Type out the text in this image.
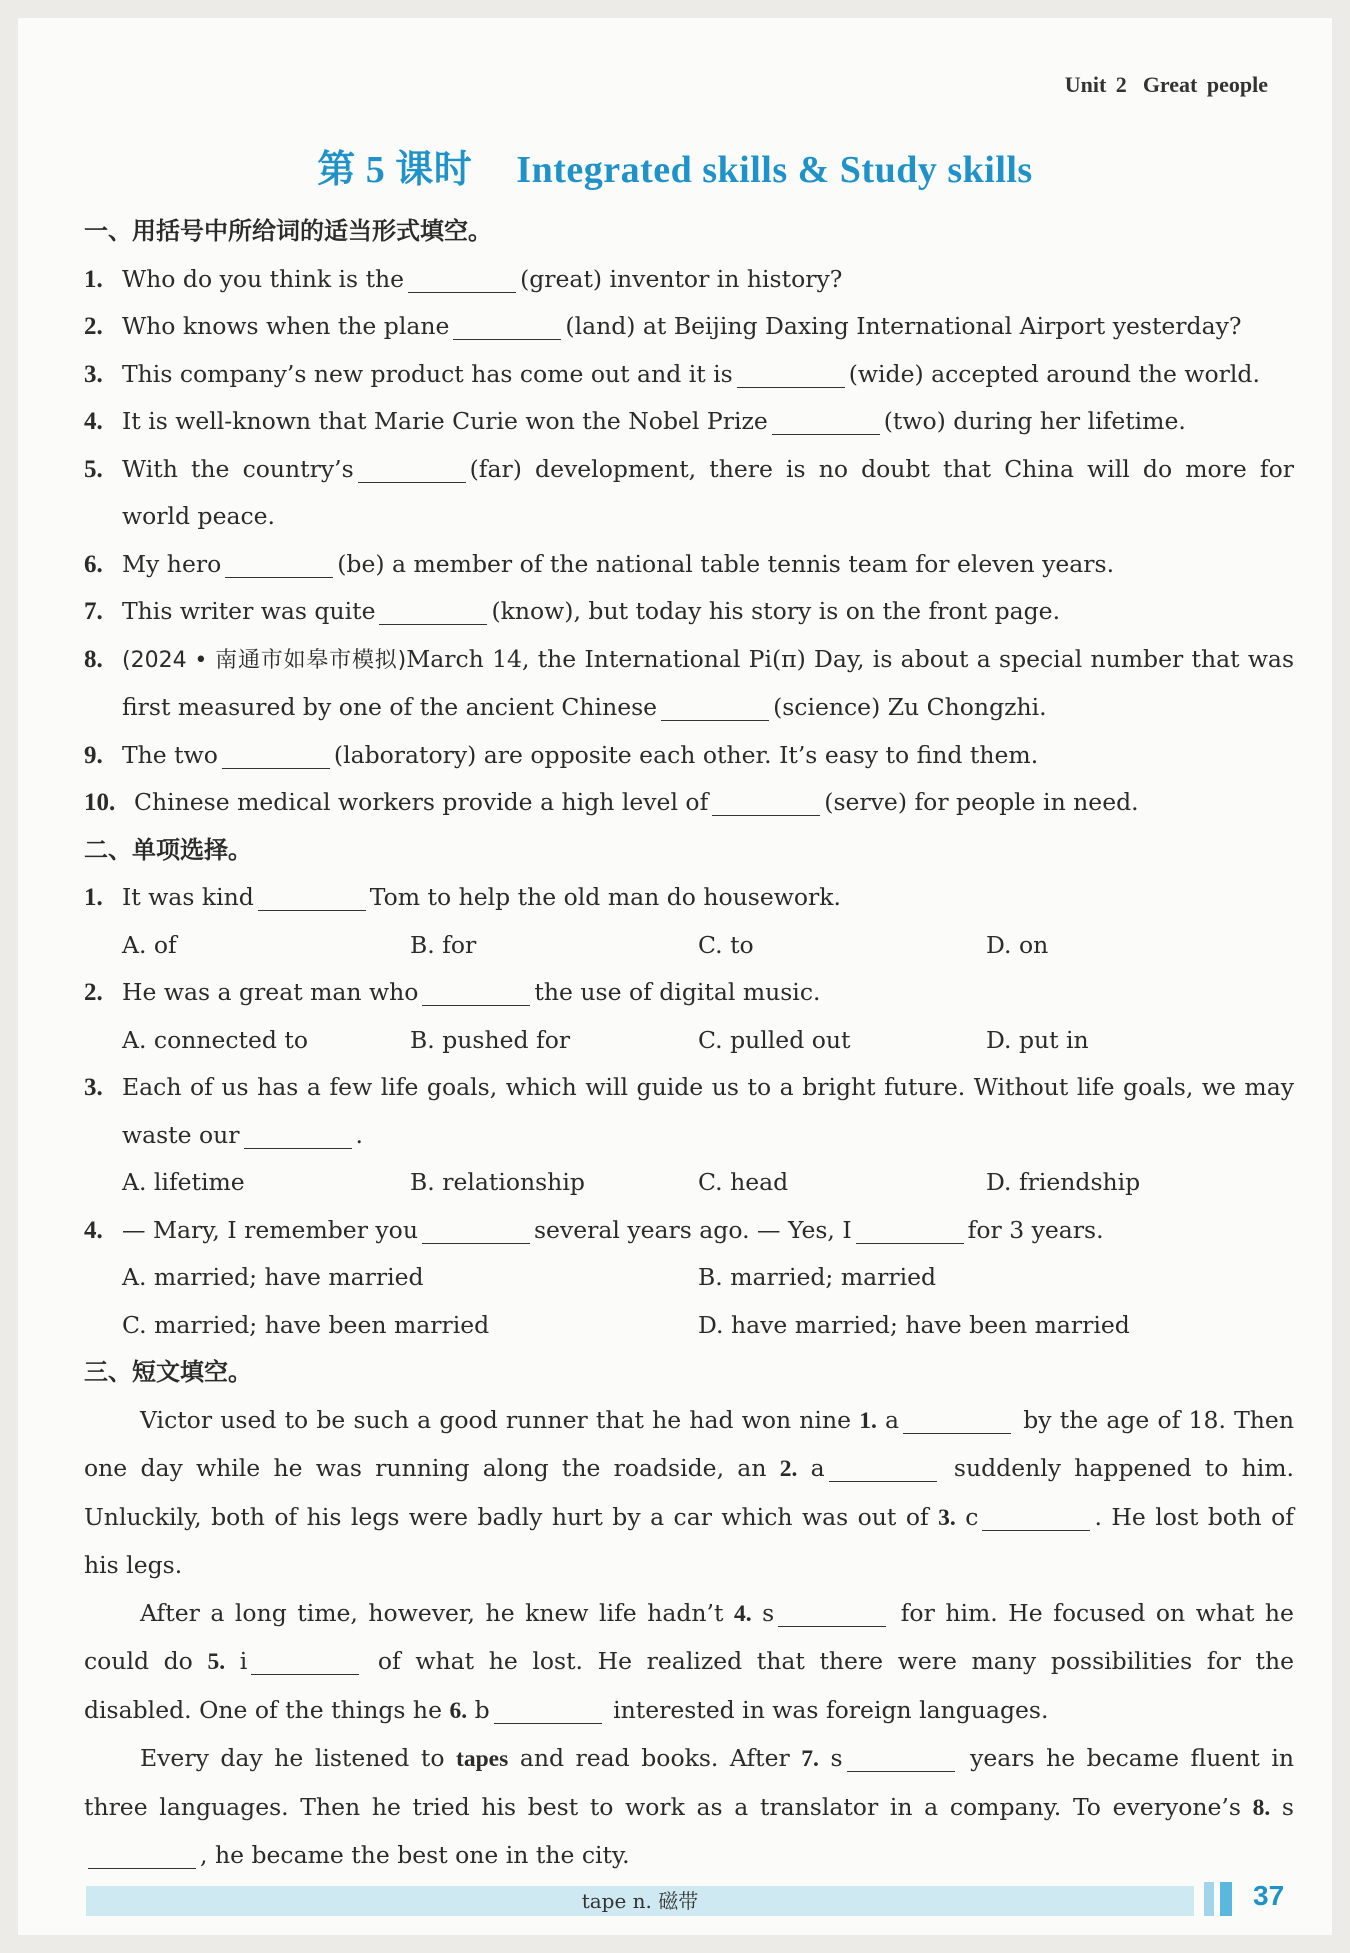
Unit 2 Great people
第 5 课时 Integrated skills & Study skills
一、用括号中所给词的适当形式填空。
1. Who do you think is the	(great) inventor in history?
2. Who knows when the plane	(land) at Beijing Daxing International Airport yesterday?
3. This company’s new product has come out and it is	(wide) accepted around the world.
4. It is well-known that Marie Curie won the Nobel Prize	(two) during her lifetime.
5. With the country’s	(far) development, there is no doubt that China will do more for world peace.
6. My hero	(be) a member of the national table tennis team for eleven years.
7. This writer was quite	(know), but today his story is on the front page.
8. (2024 • 南通市如皋市模拟)March 14, the International Pi(π) Day, is about a special number that was first measured by one of the ancient Chinese	(science) Zu Chongzhi.
9. The two	(laboratory) are opposite each other. It’s easy to find them.
10. Chinese medical workers provide a high level of	(serve) for people in need.
二、单项选择。
1. It was kind	Tom to help the old man do housework.
A. of	B. for	C. to	D. on
2. He was a great man who	the use of digital music.
A. connected to	B. pushed for	C. pulled out	D. put in
3. Each of us has a few life goals, which will guide us to a bright future. Without life goals, we may waste our	.
A. lifetime	B. relationship	C. head	D. friendship
4. — Mary, I remember you	several years ago. — Yes, I	for 3 years.
A. married; have married	B. married; married
C. married; have been married	D. have married; have been married
三、短文填空。
Victor used to be such a good runner that he had won nine 1. a	by the age of 18. Then one day while he was running along the roadside, an 2. a	suddenly happened to him. Unluckily, both of his legs were badly hurt by a car which was out of 3. c	. He lost both of his legs.
After a long time, however, he knew life hadn’t 4. s	for him. He focused on what he could do 5. i	of what he lost. He realized that there were many possibilities for the disabled. One of the things he 6. b	interested in was foreign languages.
Every day he listened to tapes and read books. After 7. s	years he became fluent in three languages. Then he tried his best to work as a translator in a company. To everyone’s 8. s, he became the best one in the city.
tape n. 磁带	37
